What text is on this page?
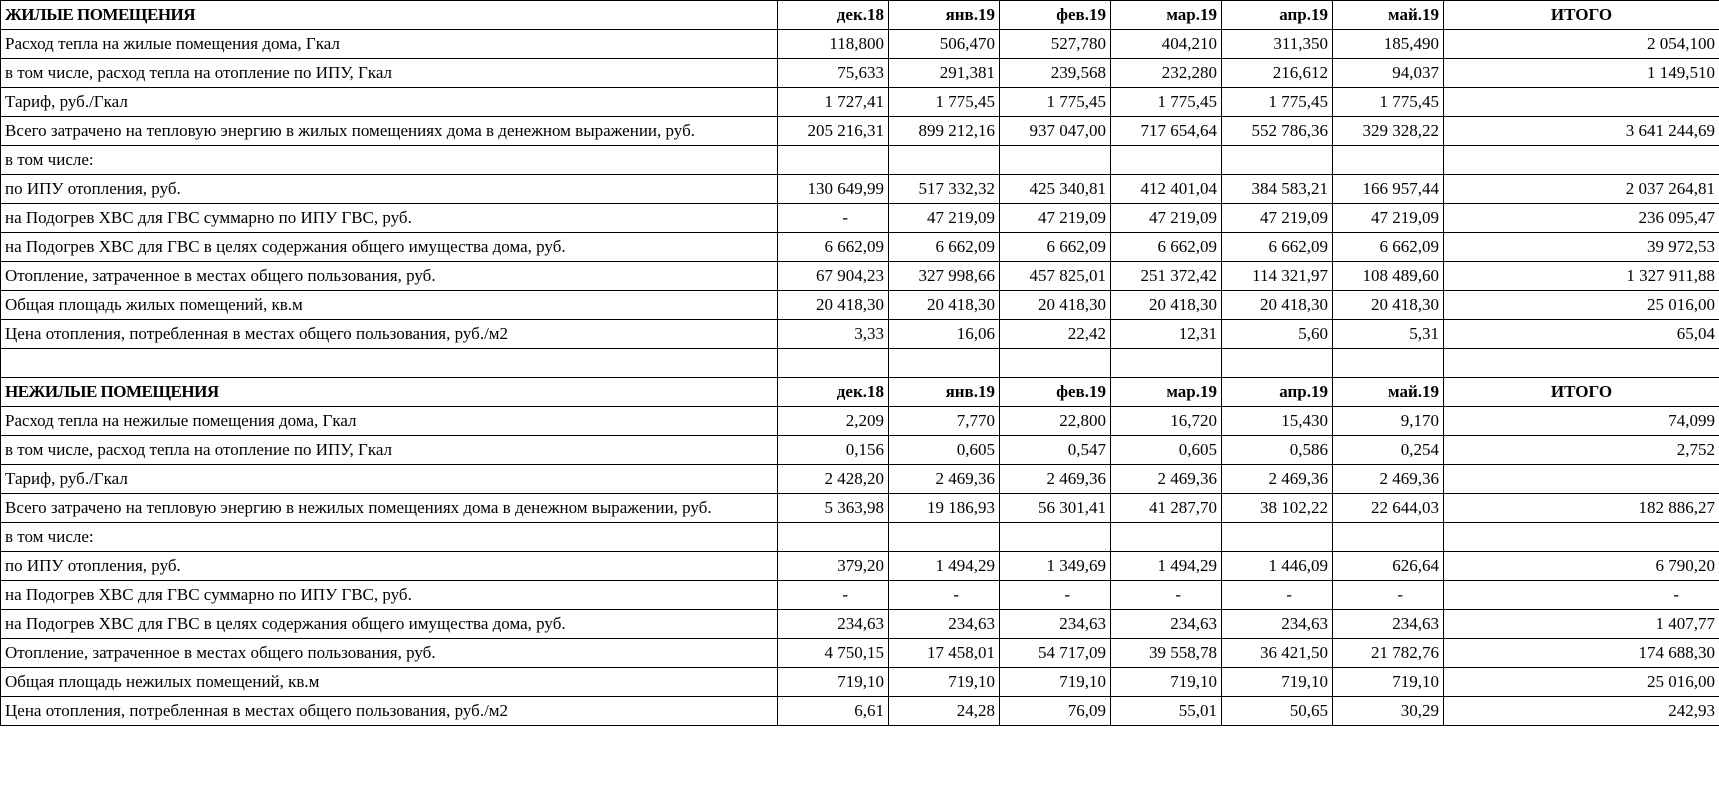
ЖИЛЫЕ ПОМЕЩЕНИЯ	дек.18	янв.19	фев.19	мар.19	апр.19	май.19	ИТОГО
Расход тепла на жилые помещения дома, Гкал	118,800	506,470	527,780	404,210	311,350	185,490	2 054,100
в том числе, расход тепла на отопление по ИПУ, Гкал	75,633	291,381	239,568	232,280	216,612	94,037	1 149,510
Тариф, руб./Гкал	1 727,41	1 775,45	1 775,45	1 775,45	1 775,45	1 775,45	
Всего затрачено на тепловую энергию в жилых помещениях дома в денежном выражении, руб.	205 216,31	899 212,16	937 047,00	717 654,64	552 786,36	329 328,22	3 641 244,69
в том числе:							
по ИПУ отопления, руб.	130 649,99	517 332,32	425 340,81	412 401,04	384 583,21	166 957,44	2 037 264,81
на Подогрев ХВС для ГВС суммарно по ИПУ ГВС, руб.	-	47 219,09	47 219,09	47 219,09	47 219,09	47 219,09	236 095,47
на Подогрев ХВС для ГВС в целях содержания общего имущества дома, руб.	6 662,09	6 662,09	6 662,09	6 662,09	6 662,09	6 662,09	39 972,53
Отопление, затраченное в местах общего пользования, руб.	67 904,23	327 998,66	457 825,01	251 372,42	114 321,97	108 489,60	1 327 911,88
Общая площадь жилых помещений, кв.м	20 418,30	20 418,30	20 418,30	20 418,30	20 418,30	20 418,30	25 016,00
Цена отопления, потребленная в местах общего пользования, руб./м2	3,33	16,06	22,42	12,31	5,60	5,31	65,04

НЕЖИЛЫЕ ПОМЕЩЕНИЯ	дек.18	янв.19	фев.19	мар.19	апр.19	май.19	ИТОГО
Расход тепла на нежилые помещения дома, Гкал	2,209	7,770	22,800	16,720	15,430	9,170	74,099
в том числе, расход тепла на отопление по ИПУ, Гкал	0,156	0,605	0,547	0,605	0,586	0,254	2,752
Тариф, руб./Гкал	2 428,20	2 469,36	2 469,36	2 469,36	2 469,36	2 469,36	
Всего затрачено на тепловую энергию в нежилых помещениях дома в денежном выражении, руб.	5 363,98	19 186,93	56 301,41	41 287,70	38 102,22	22 644,03	182 886,27
в том числе:							
по ИПУ отопления, руб.	379,20	1 494,29	1 349,69	1 494,29	1 446,09	626,64	6 790,20
на Подогрев ХВС для ГВС суммарно по ИПУ ГВС, руб.	-	-	-	-	-	-	-
на Подогрев ХВС для ГВС в целях содержания общего имущества дома, руб.	234,63	234,63	234,63	234,63	234,63	234,63	1 407,77
Отопление, затраченное в местах общего пользования, руб.	4 750,15	17 458,01	54 717,09	39 558,78	36 421,50	21 782,76	174 688,30
Общая площадь нежилых помещений, кв.м	719,10	719,10	719,10	719,10	719,10	719,10	25 016,00
Цена отопления, потребленная в местах общего пользования, руб./м2	6,61	24,28	76,09	55,01	50,65	30,29	242,93
